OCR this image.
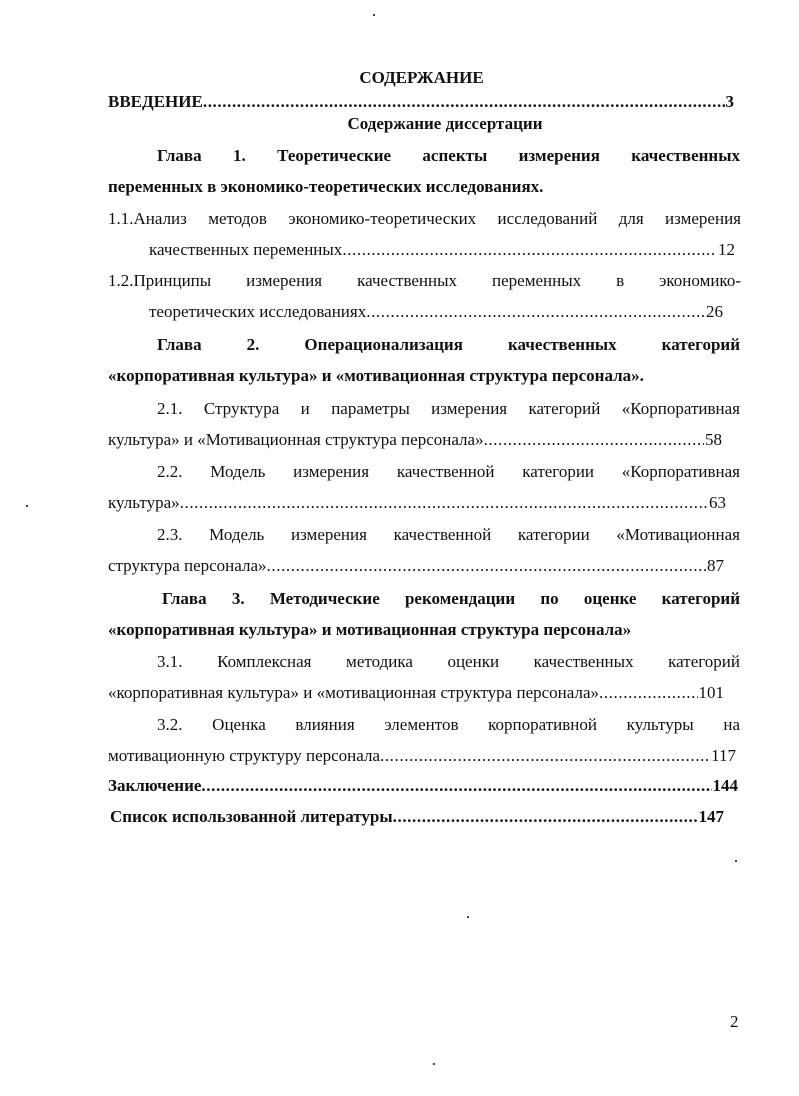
СОДЕРЖАНИЕ
ВВЕДЕНИЕ .....	3
Содержание диссертации
Глава 1. Теоретические аспекты измерения качественных
переменных в экономико-теоретических исследованиях.
1.1.Анализ методов экономико-теоретических исследований для измерения
качественных переменных .....	12
1.2.Принципы измерения качественных переменных в экономико-
теоретических исследованиях .....	26
Глава 2. Операционализация качественных категорий
«корпоративная культура» и «мотивационная структура персонала».
2.1. Структура и параметры измерения категорий «Корпоративная
культура» и «Мотивационная структура персонала» .....	58
2.2. Модель измерения качественной категории «Корпоративная
культура» .....	63
2.3. Модель измерения качественной категории «Мотивационная
структура персонала» .....	87
Глава 3. Методические рекомендации по оценке категорий
«корпоративная культура» и мотивационная структура персонала»
3.1. Комплексная методика оценки качественных категорий
«корпоративная культура» и «мотивационная структура персонала» .....	101
3.2. Оценка влияния элементов корпоративной культуры на
мотивационную структуру персонала .....	117
Заключение .....	144
Список использованной литературы .....	147
2
